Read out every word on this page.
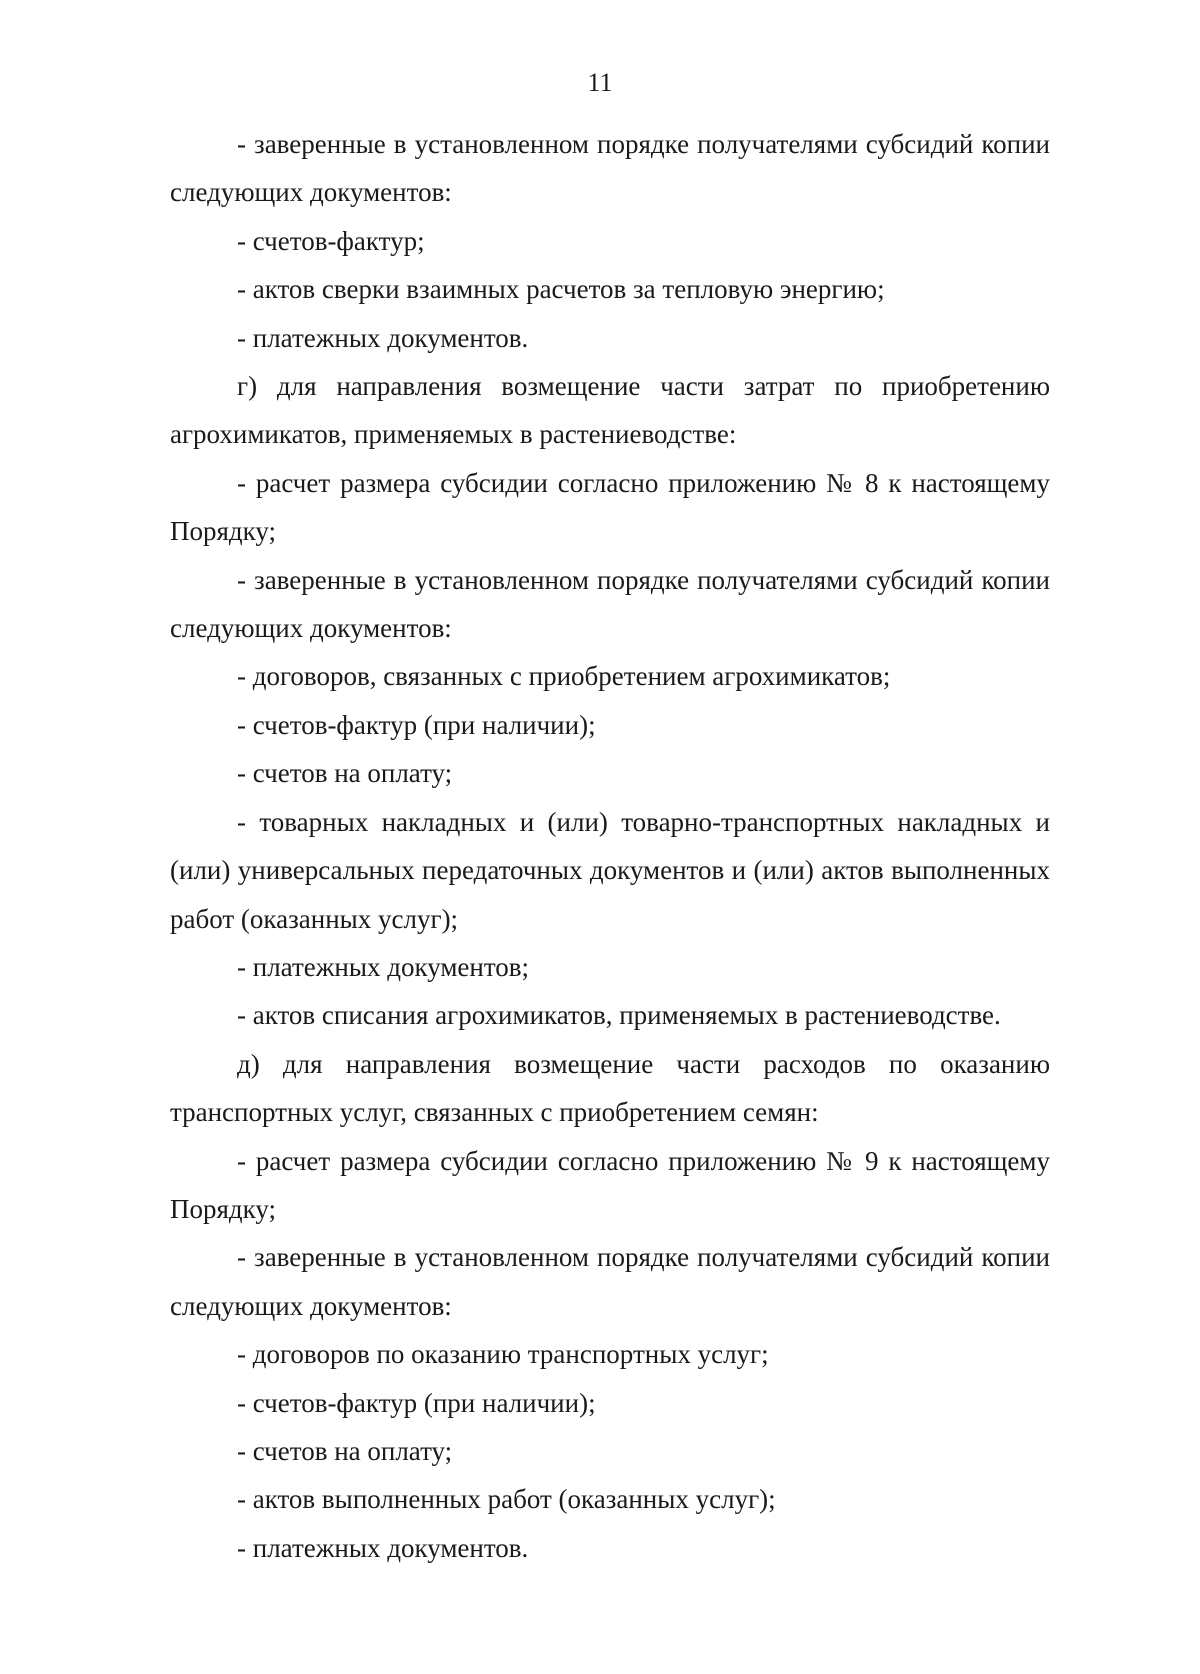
11

- заверенные в установленном порядке получателями субсидий копии следующих документов:

- счетов-фактур;

- актов сверки взаимных расчетов за тепловую энергию;

- платежных документов.

г) для направления возмещение части затрат по приобретению агрохимикатов, применяемых в растениеводстве:

- расчет размера субсидии согласно приложению № 8 к настоящему Порядку;

- заверенные в установленном порядке получателями субсидий копии следующих документов:

- договоров, связанных с приобретением агрохимикатов;

- счетов-фактур (при наличии);

- счетов на оплату;

- товарных накладных и (или) товарно-транспортных накладных и (или) универсальных передаточных документов и (или) актов выполненных работ (оказанных услуг);

- платежных документов;

- актов списания агрохимикатов, применяемых в растениеводстве.

д) для направления возмещение части расходов по оказанию транспортных услуг, связанных с приобретением семян:

- расчет размера субсидии согласно приложению № 9 к настоящему Порядку;

- заверенные в установленном порядке получателями субсидий копии следующих документов:

- договоров по оказанию транспортных услуг;

- счетов-фактур (при наличии);

- счетов на оплату;

- актов выполненных работ (оказанных услуг);

- платежных документов.
